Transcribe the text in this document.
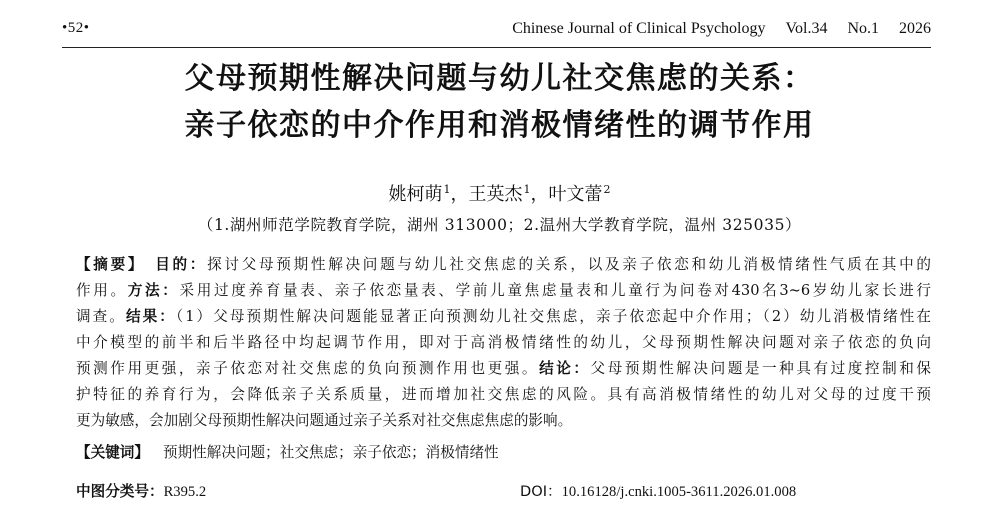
•52•	Chinese Journal of Clinical Psychology Vol.34 No.1 2026
父母预期性解决问题与幼儿社交焦虑的关系：
亲子依恋的中介作用和消极情绪性的调节作用
姚柯萌$^1$，王英杰$^1$，叶文蕾$^2$
（1.湖州师范学院教育学院，湖州 313000；2.温州大学教育学院，温州 325035）
【摘要】 目的：探讨父母预期性解决问题与幼儿社交焦虑的关系，以及亲子依恋和幼儿消极情绪性气质在其中的
作用。方法：采用过度养育量表、亲子依恋量表、学前儿童焦虑量表和儿童行为问卷对430名3~6岁幼儿家长进行
调查。结果：（1）父母预期性解决问题能显著正向预测幼儿社交焦虑，亲子依恋起中介作用；（2）幼儿消极情绪性在
中介模型的前半和后半路径中均起调节作用，即对于高消极情绪性的幼儿，父母预期性解决问题对亲子依恋的负向
预测作用更强，亲子依恋对社交焦虑的负向预测作用也更强。结论：父母预期性解决问题是一种具有过度控制和保
护特征的养育行为，会降低亲子关系质量，进而增加社交焦虑的风险。具有高消极情绪性的幼儿对父母的过度干预
更为敏感，会加剧父母预期性解决问题通过亲子关系对社交焦虑焦虑的影响。
【关键词】 预期性解决问题；社交焦虑；亲子依恋；消极情绪性
中图分类号：R395.2	DOI：10.16128/j.cnki.1005-3611.2026.01.008
